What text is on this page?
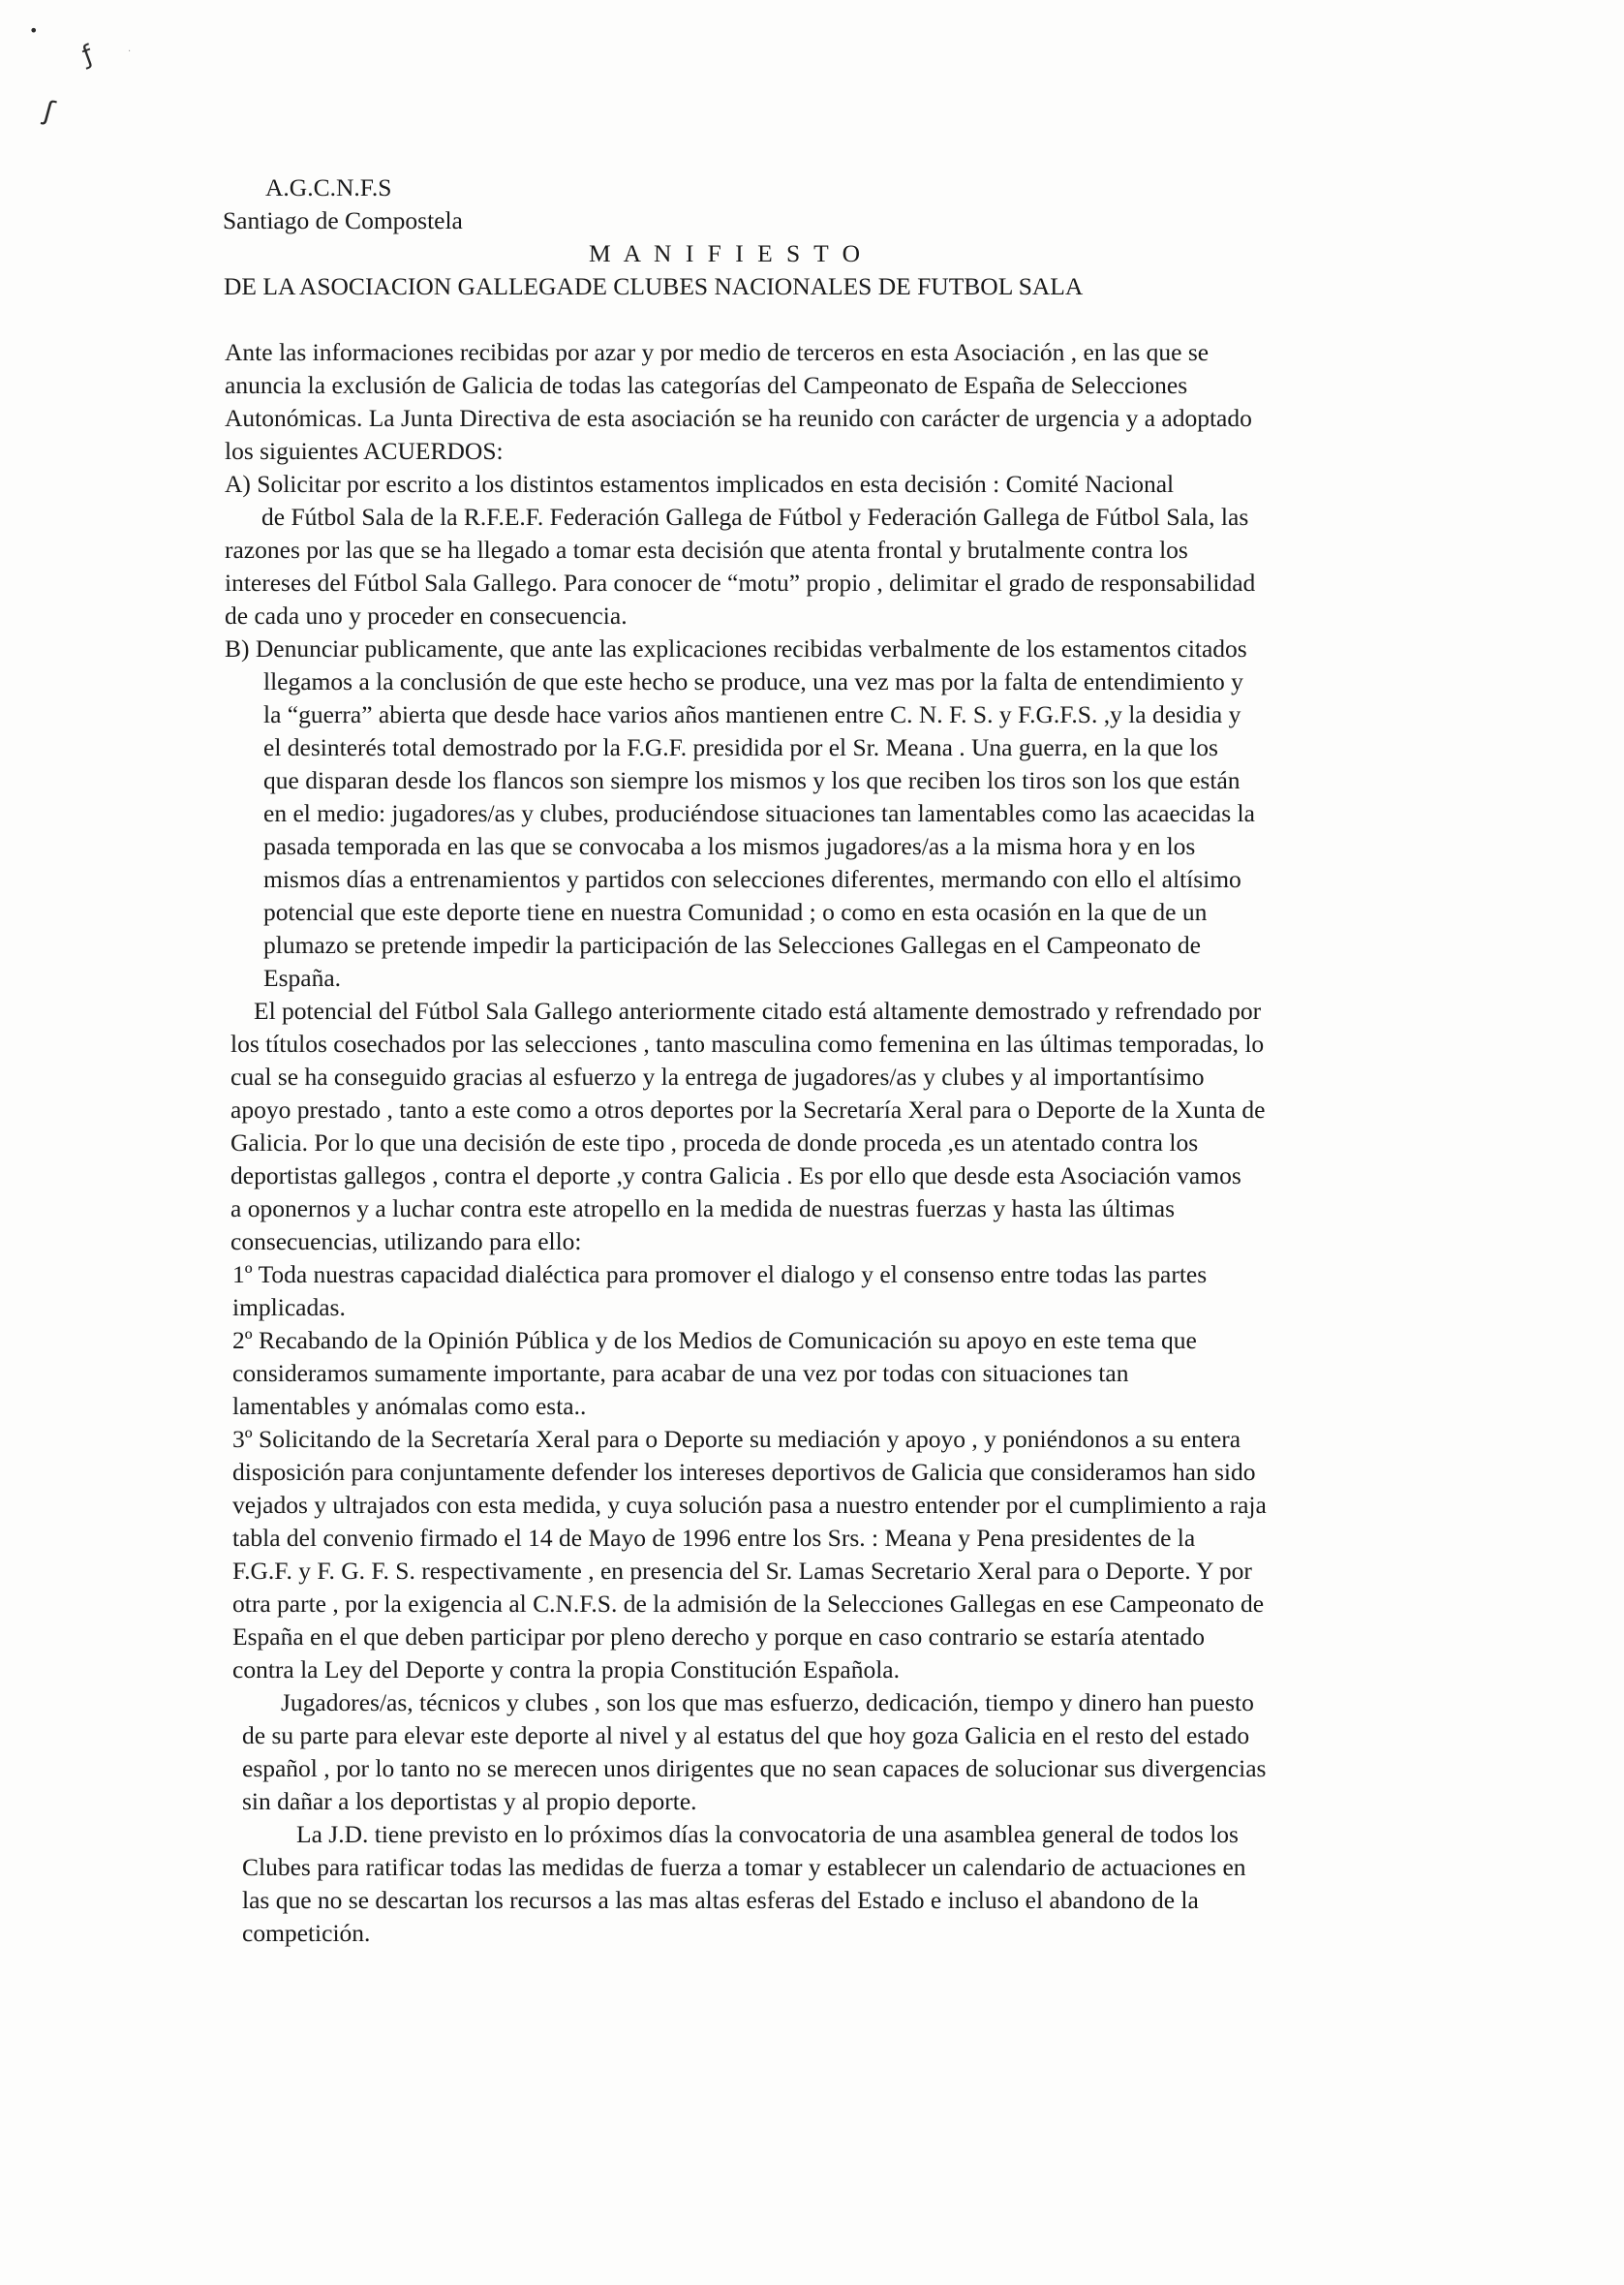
•
ƒ
ʃ
·
A.G.C.N.F.S
Santiago de Compostela
M A N I F I E S T O
DE LA ASOCIACION GALLEGADE CLUBES NACIONALES DE FUTBOL SALA
Ante las informaciones recibidas por azar y por medio de terceros en esta Asociación , en las que se
anuncia la exclusión de Galicia de todas las categorías del Campeonato de España de Selecciones
Autonómicas. La Junta Directiva de esta asociación se ha reunido con carácter de urgencia y a adoptado
los siguientes ACUERDOS:
A) Solicitar por escrito a los distintos estamentos implicados en esta decisión : Comité Nacional
de Fútbol Sala de la R.F.E.F. Federación Gallega de Fútbol y Federación Gallega de Fútbol Sala, las
razones por las que se ha llegado a tomar esta decisión que atenta frontal y brutalmente contra los
intereses del Fútbol Sala Gallego. Para conocer de “motu” propio , delimitar el grado de responsabilidad
de cada uno y proceder en consecuencia.
B) Denunciar publicamente, que ante las explicaciones recibidas verbalmente de los estamentos citados
llegamos a la conclusión de que este hecho se produce, una vez mas por la falta de entendimiento y
la “guerra” abierta que desde hace varios años mantienen entre C. N. F. S. y F.G.F.S. ,y la desidia y
el desinterés total demostrado por la F.G.F. presidida por el Sr. Meana . Una guerra, en la que los
que disparan desde los flancos son siempre los mismos y los que reciben los tiros son los que están
en el medio: jugadores/as y clubes, produciéndose situaciones tan lamentables como las acaecidas la
pasada temporada en las que se convocaba a los mismos jugadores/as a la misma hora y en los
mismos días a entrenamientos y partidos con selecciones diferentes, mermando con ello el altísimo
potencial que este deporte tiene en nuestra Comunidad ; o como en esta ocasión en la que de un
plumazo se pretende impedir la participación de las Selecciones Gallegas en el Campeonato de
España.
El potencial del Fútbol Sala Gallego anteriormente citado está altamente demostrado y refrendado por
los títulos cosechados por las selecciones , tanto masculina como femenina en las últimas temporadas, lo
cual se ha conseguido gracias al esfuerzo y la entrega de jugadores/as y clubes y al importantísimo
apoyo prestado , tanto a este como a otros deportes por la Secretaría Xeral para o Deporte de la Xunta de
Galicia. Por lo que una decisión de este tipo , proceda de donde proceda ,es un atentado contra los
deportistas gallegos , contra el deporte ,y contra Galicia . Es por ello que desde esta Asociación vamos
a oponernos y a luchar contra este atropello en la medida de nuestras fuerzas y hasta las últimas
consecuencias, utilizando para ello:
1º Toda nuestras capacidad dialéctica para promover el dialogo y el consenso entre todas las partes
implicadas.
2º Recabando de la Opinión Pública y de los Medios de Comunicación su apoyo en este tema que
consideramos sumamente importante, para acabar de una vez por todas con situaciones tan
lamentables y anómalas como esta..
3º Solicitando de la Secretaría Xeral para o Deporte su mediación y apoyo , y poniéndonos a su entera
disposición para conjuntamente defender los intereses deportivos de Galicia que consideramos han sido
vejados y ultrajados con esta medida, y cuya solución pasa a nuestro entender por el cumplimiento a raja
tabla del convenio firmado el 14 de Mayo de 1996 entre los Srs. : Meana y Pena presidentes de la
F.G.F. y F. G. F. S. respectivamente , en presencia del Sr. Lamas Secretario Xeral para o Deporte. Y por
otra parte , por la exigencia al C.N.F.S. de la admisión de la Selecciones Gallegas en ese Campeonato de
España en el que deben participar por pleno derecho y porque en caso contrario se estaría atentado
contra la Ley del Deporte y contra la propia Constitución Española.
Jugadores/as, técnicos y clubes , son los que mas esfuerzo, dedicación, tiempo y dinero han puesto
de su parte para elevar este deporte al nivel y al estatus del que hoy goza Galicia en el resto del estado
español , por lo tanto no se merecen unos dirigentes que no sean capaces de solucionar sus divergencias
sin dañar a los deportistas y al propio deporte.
La J.D. tiene previsto en lo próximos días la convocatoria de una asamblea general de todos los
Clubes para ratificar todas las medidas de fuerza a tomar y establecer un calendario de actuaciones en
las que no se descartan los recursos a las mas altas esferas del Estado e incluso el abandono de la
competición.
